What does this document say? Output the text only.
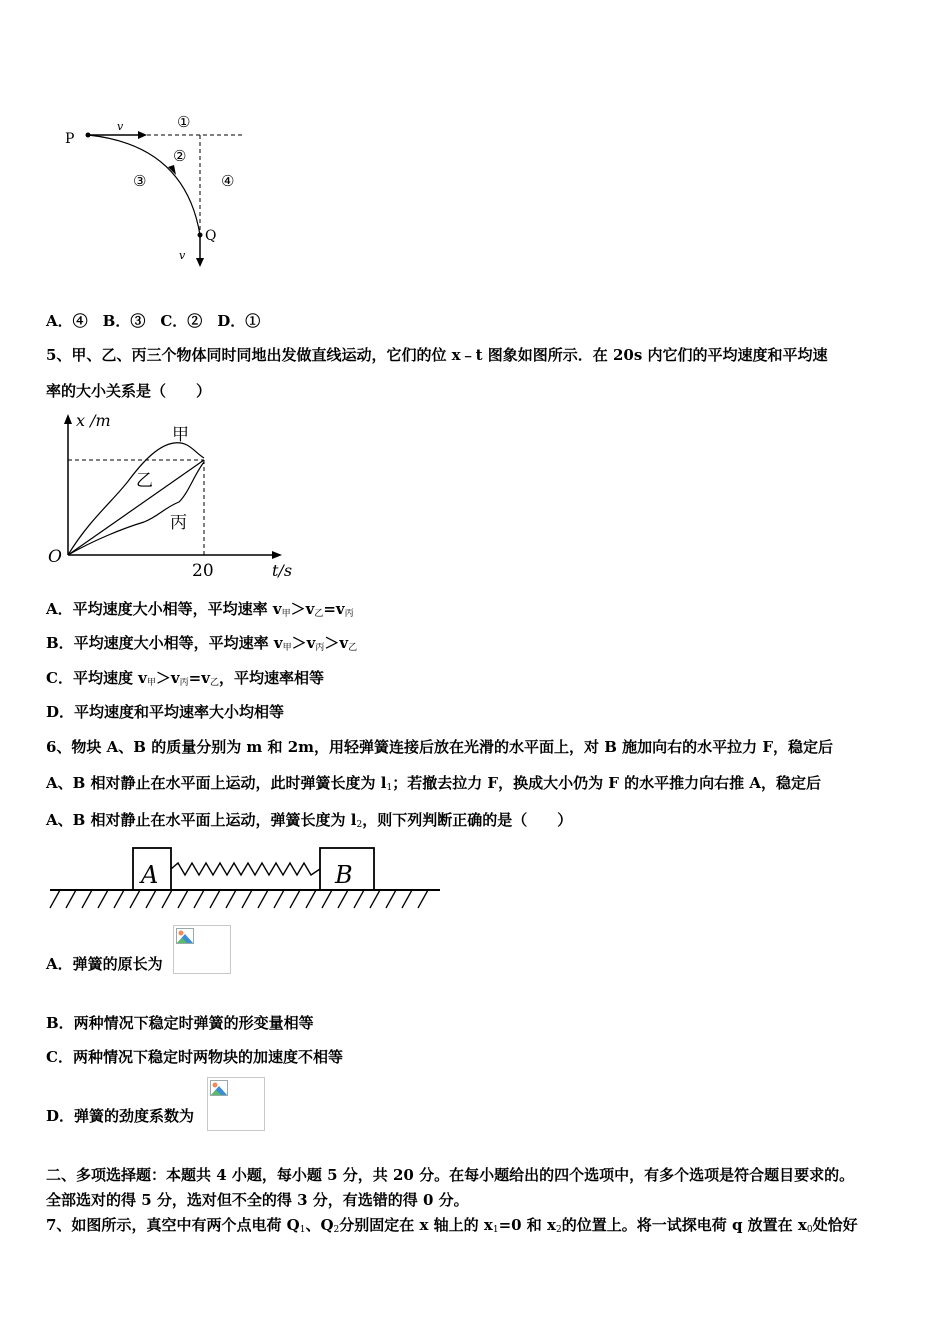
P
Q
v
v
①
②
③	④
A．④　B．③　C．②　D．①
5、甲、乙、丙三个物体同时同地出发做直线运动，它们的位 x﹣t 图象如图所示．在 20s 内它们的平均速度和平均速
率的大小关系是（　　）
x /m
t/s
O
20
甲
乙
丙
A．平均速度大小相等，平均速率 $v_甲>v_乙=v_丙$
B．平均速度大小相等，平均速率 $v_甲>v_丙>v_乙$
C．平均速度 $v_甲>v_丙=v_乙$，平均速率相等
D．平均速度和平均速率大小均相等
6、物块 A、B 的质量分别为 m 和 2m，用轻弹簧连接后放在光滑的水平面上，对 B 施加向右的水平拉力 F，稳定后
A、B 相对静止在水平面上运动，此时弹簧长度为 $l_1$；若撤去拉力 F，换成大小仍为 F 的水平推力向右推 A，稳定后
A、B 相对静止在水平面上运动，弹簧长度为 $l_2$，则下列判断正确的是（　　）
A	B
A．弹簧的原长为
B．两种情况下稳定时弹簧的形变量相等
C．两种情况下稳定时两物块的加速度不相等
D．弹簧的劲度系数为
二、多项选择题：本题共 4 小题，每小题 5 分，共 20 分。在每小题给出的四个选项中，有多个选项是符合题目要求的。
全部选对的得 5 分，选对但不全的得 3 分，有选错的得 0 分。
7、如图所示，真空中有两个点电荷 $Q_1$、$Q_2$分别固定在 x 轴上的 $x_1=0$ 和 $x_2$的位置上。将一试探电荷 q 放置在 $x_0$处恰好
